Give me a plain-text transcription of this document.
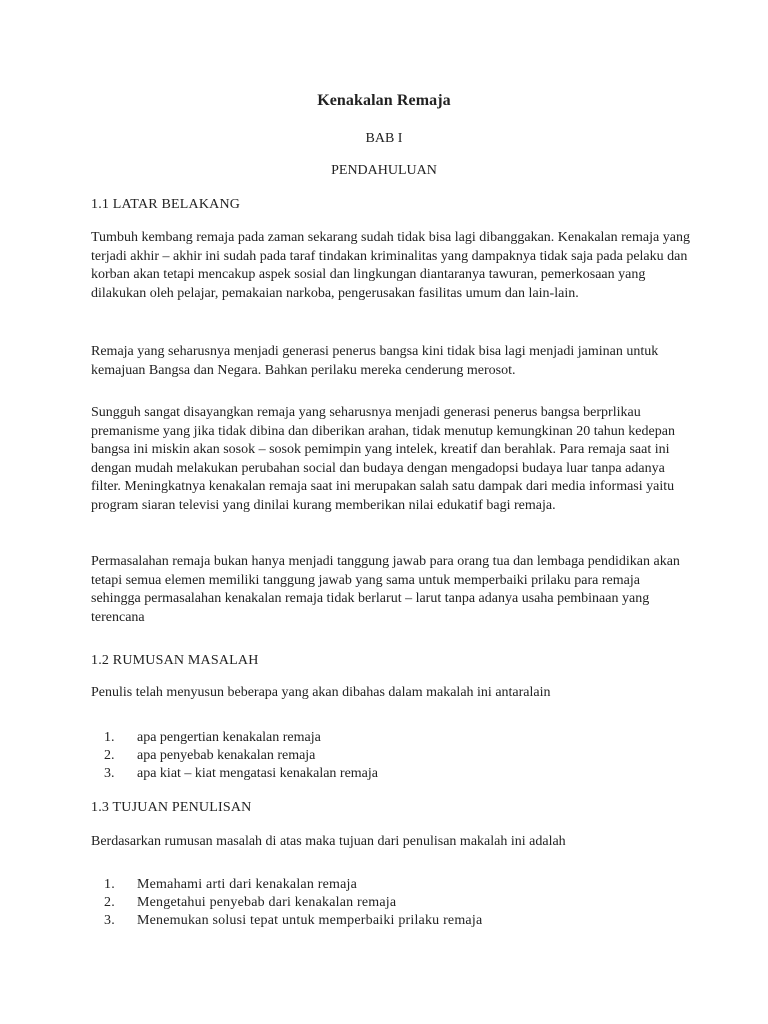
Kenakalan Remaja
BAB I
PENDAHULUAN
1.1 LATAR BELAKANG
Tumbuh kembang remaja pada zaman sekarang sudah tidak bisa lagi dibanggakan. Kenakalan remaja yang terjadi akhir – akhir ini sudah pada taraf tindakan kriminalitas yang dampaknya tidak saja pada pelaku dan korban akan tetapi mencakup aspek sosial dan lingkungan diantaranya tawuran, pemerkosaan yang dilakukan oleh pelajar, pemakaian narkoba, pengerusakan fasilitas umum dan lain-lain.
Remaja yang seharusnya menjadi generasi penerus bangsa kini tidak bisa lagi menjadi jaminan untuk kemajuan Bangsa dan Negara. Bahkan perilaku mereka cenderung merosot.
Sungguh sangat disayangkan remaja yang seharusnya menjadi generasi penerus bangsa berprlikau premanisme yang jika tidak dibina dan diberikan arahan, tidak menutup kemungkinan 20 tahun kedepan bangsa ini miskin akan sosok – sosok pemimpin yang intelek, kreatif dan berahlak. Para remaja saat ini dengan mudah melakukan perubahan social dan budaya dengan mengadopsi budaya luar tanpa adanya filter. Meningkatnya kenakalan remaja saat ini merupakan salah satu dampak dari media informasi yaitu program siaran televisi yang dinilai kurang memberikan nilai edukatif bagi remaja.
Permasalahan remaja bukan hanya menjadi tanggung jawab para orang tua dan lembaga pendidikan akan tetapi semua elemen memiliki tanggung jawab yang sama untuk memperbaiki prilaku para remaja sehingga permasalahan kenakalan remaja tidak berlarut – larut tanpa adanya usaha pembinaan yang terencana
1.2 RUMUSAN MASALAH
Penulis telah menyusun beberapa yang akan dibahas dalam makalah ini antaralain
1.	apa pengertian kenakalan remaja
2.	apa penyebab kenakalan remaja
3.	apa kiat – kiat mengatasi kenakalan remaja
1.3 TUJUAN PENULISAN
Berdasarkan rumusan masalah di atas maka tujuan dari penulisan makalah ini adalah
1.	Memahami arti dari kenakalan remaja
2.	Mengetahui penyebab dari kenakalan remaja
3.	Menemukan solusi tepat untuk memperbaiki prilaku remaja
